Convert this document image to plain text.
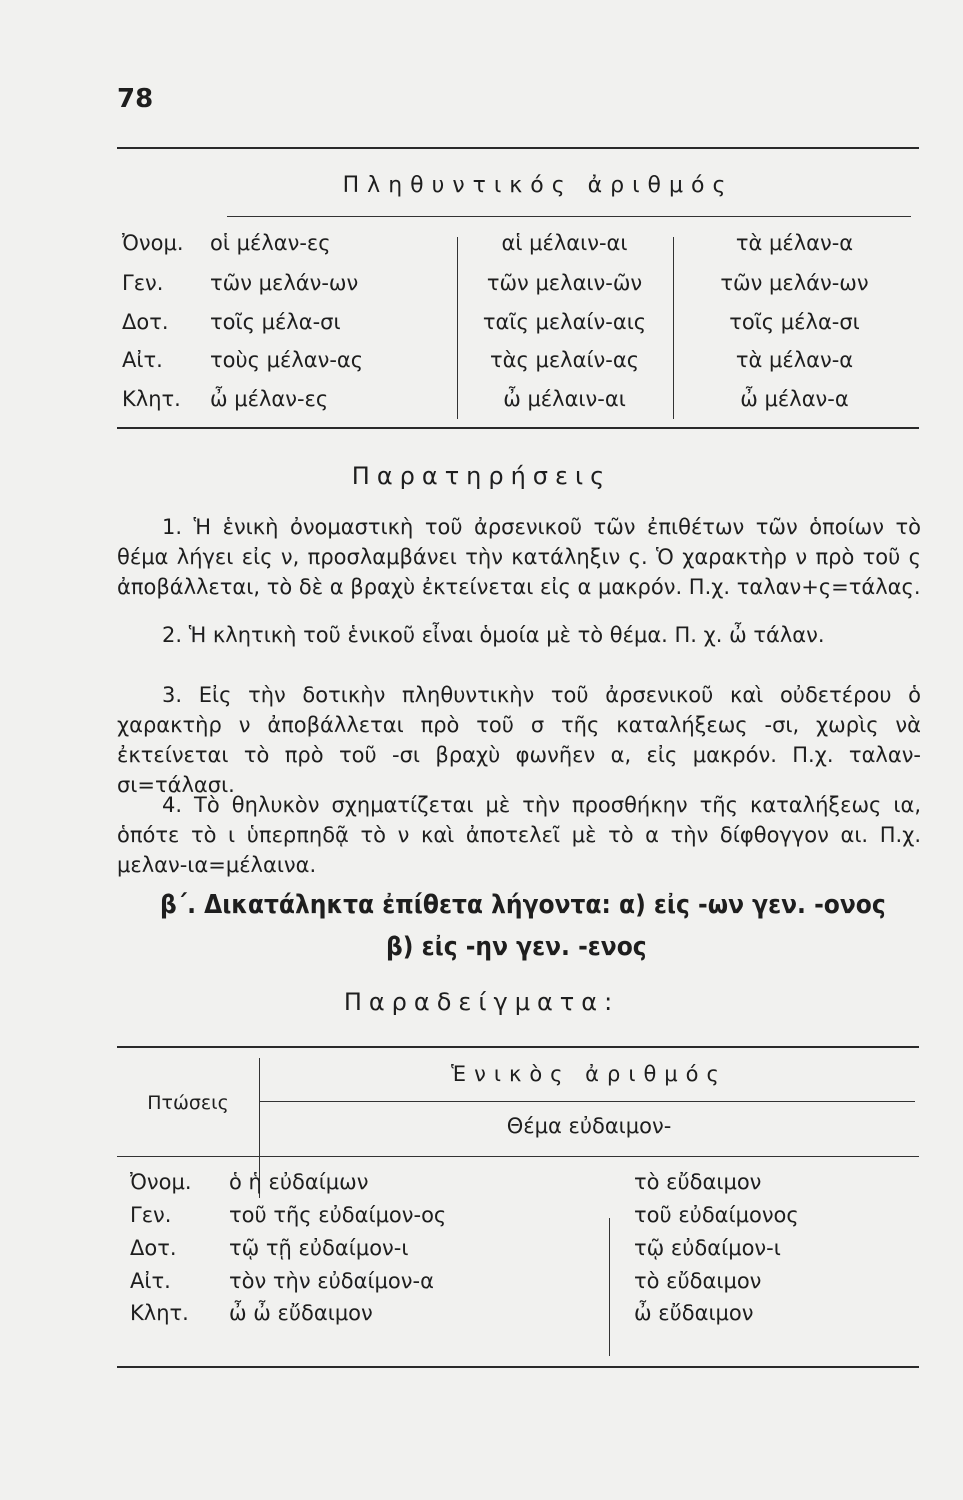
78
Πληθυντικός ἀριθμός
Ὀνομ. οἱ μέλαν-ες	αἱ μέλαιν-αι	τὰ μέλαν-α
Γεν. τῶν μελάν-ων	τῶν μελαιν-ῶν	τῶν μελάν-ων
Δοτ. τοῖς μέλα-σι	ταῖς μελαίν-αις	τοῖς μέλα-σι
Αἰτ. τοὺς μέλαν-ας	τὰς μελαίν-ας	τὰ μέλαν-α
Κλητ. ὦ μέλαν-ες	ὦ μέλαιν-αι	ὦ μέλαν-α
Παρατηρήσεις

1. Ἡ ἑνικὴ ὀνομαστικὴ τοῦ ἀρσενικοῦ τῶν ἐπιθέτων τῶν ὁποίων τὸ θέμα λήγει εἰς ν, προσλαμβάνει τὴν κατάληξιν ς. Ὁ χαρακτὴρ ν πρὸ τοῦ ς ἀποβάλλεται, τὸ δὲ α βραχὺ ἐκτείνεται εἰς α μακρόν. Π.χ. ταλαν+ς=τάλας.

2. Ἡ κλητικὴ τοῦ ἑνικοῦ εἶναι ὁμοία μὲ τὸ θέμα. Π. χ. ὦ τάλαν.

3. Εἰς τὴν δοτικὴν πληθυντικὴν τοῦ ἀρσενικοῦ καὶ οὐδετέρου ὁ χαρακτὴρ ν ἀποβάλλεται πρὸ τοῦ σ τῆς καταλήξεως -σι, χωρὶς νὰ ἐκτείνεται τὸ πρὸ τοῦ -σι βραχὺ φωνῆεν α, εἰς μακρόν. Π.χ. ταλαν-σι=τάλασι.

4. Τὸ θηλυκὸν σχηματίζεται μὲ τὴν προσθήκην τῆς καταλήξεως ια, ὁπότε τὸ ι ὑπερπηδᾷ τὸ ν καὶ ἀποτελεῖ μὲ τὸ α τὴν δίφθογγον αι. Π.χ. μελαν-ια=μέλαινα.

β΄. Δικατάληκτα ἐπίθετα λήγοντα: α) εἰς -ων γεν. -ονος
β) εἰς -ην γεν. -ενος
Παραδείγματα:
Πτώσεις
Ἑνικὸς ἀριθμός
Θέμα εὐδαιμον-
Ὀνομ. ὁ ἡ εὐδαίμων	τὸ εὔδαιμον
Γεν.	τοῦ τῆς εὐδαίμον-ος	τοῦ εὐδαίμονος
Δοτ. τῷ τῇ εὐδαίμον-ι	τῷ εὐδαίμον-ι
Αἰτ.	τὸν τὴν εὐδαίμον-α	τὸ εὔδαιμον
Κλητ. ὦ ὦ εὔδαιμον	ὦ εὔδαιμον
